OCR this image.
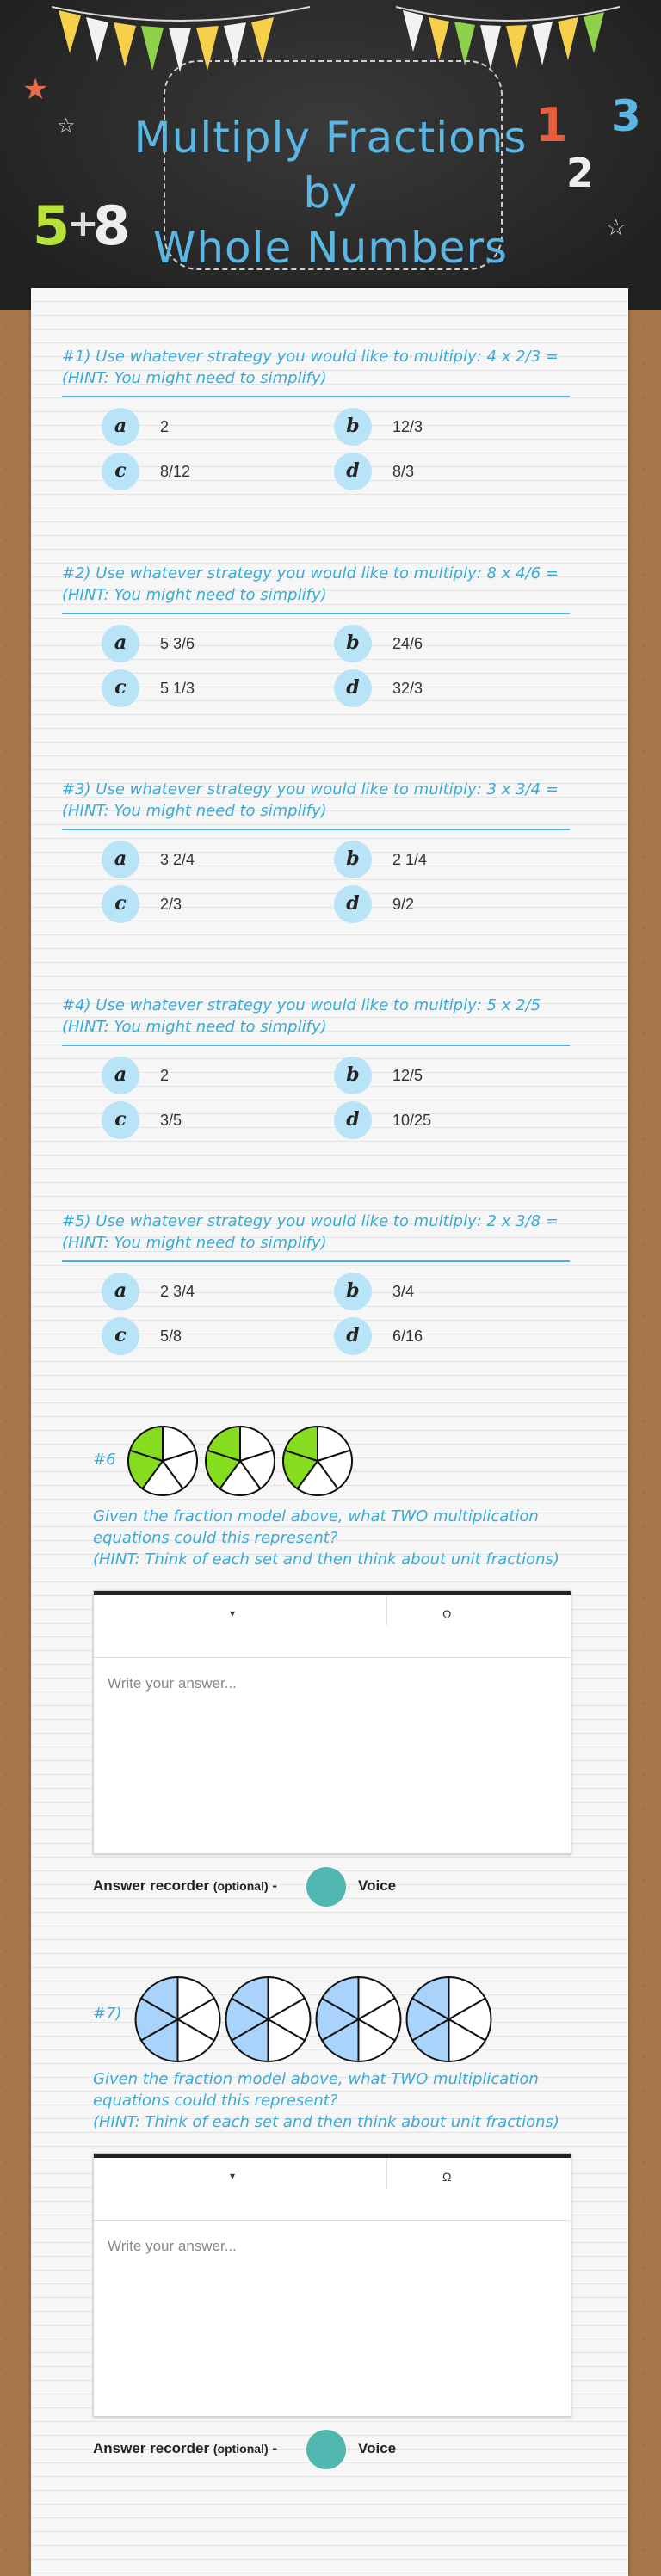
Multiply Fractions by
Whole Numbers
★
☆
☆
5
+
8
1
2
3
#1) Use whatever strategy you would like to multiply: 4 x 2/3 = (HINT: You might need to simplify)
a	2	b	12/3
c	8/12	d	8/3
#2) Use whatever strategy you would like to multiply: 8 x 4/6 = (HINT: You might need to simplify)
a	5 3/6	b	24/6
c	5 1/3	d	32/3
#3) Use whatever strategy you would like to multiply: 3 x 3/4 = (HINT: You might need to simplify)
a	3 2/4	b	2 1/4
c	2/3	d	9/2
#4) Use whatever strategy you would like to multiply: 5 x 2/5 (HINT: You might need to simplify)
a	2	b	12/5
c	3/5	d	10/25
#5) Use whatever strategy you would like to multiply: 2 x 3/8 = (HINT: You might need to simplify)
a	2 3/4	b	3/4
c	5/8	d	6/16
#6
Given the fraction model above, what TWO multiplication equations could this represent?
(HINT: Think of each set and then think about unit fractions)
▾	Ω
Write your answer...
Answer recorder (optional) -	Voice
#7)
Given the fraction model above, what TWO multiplication equations could this represent?
(HINT: Think of each set and then think about unit fractions)
▾	Ω
Write your answer...
Answer recorder (optional) -	Voice
